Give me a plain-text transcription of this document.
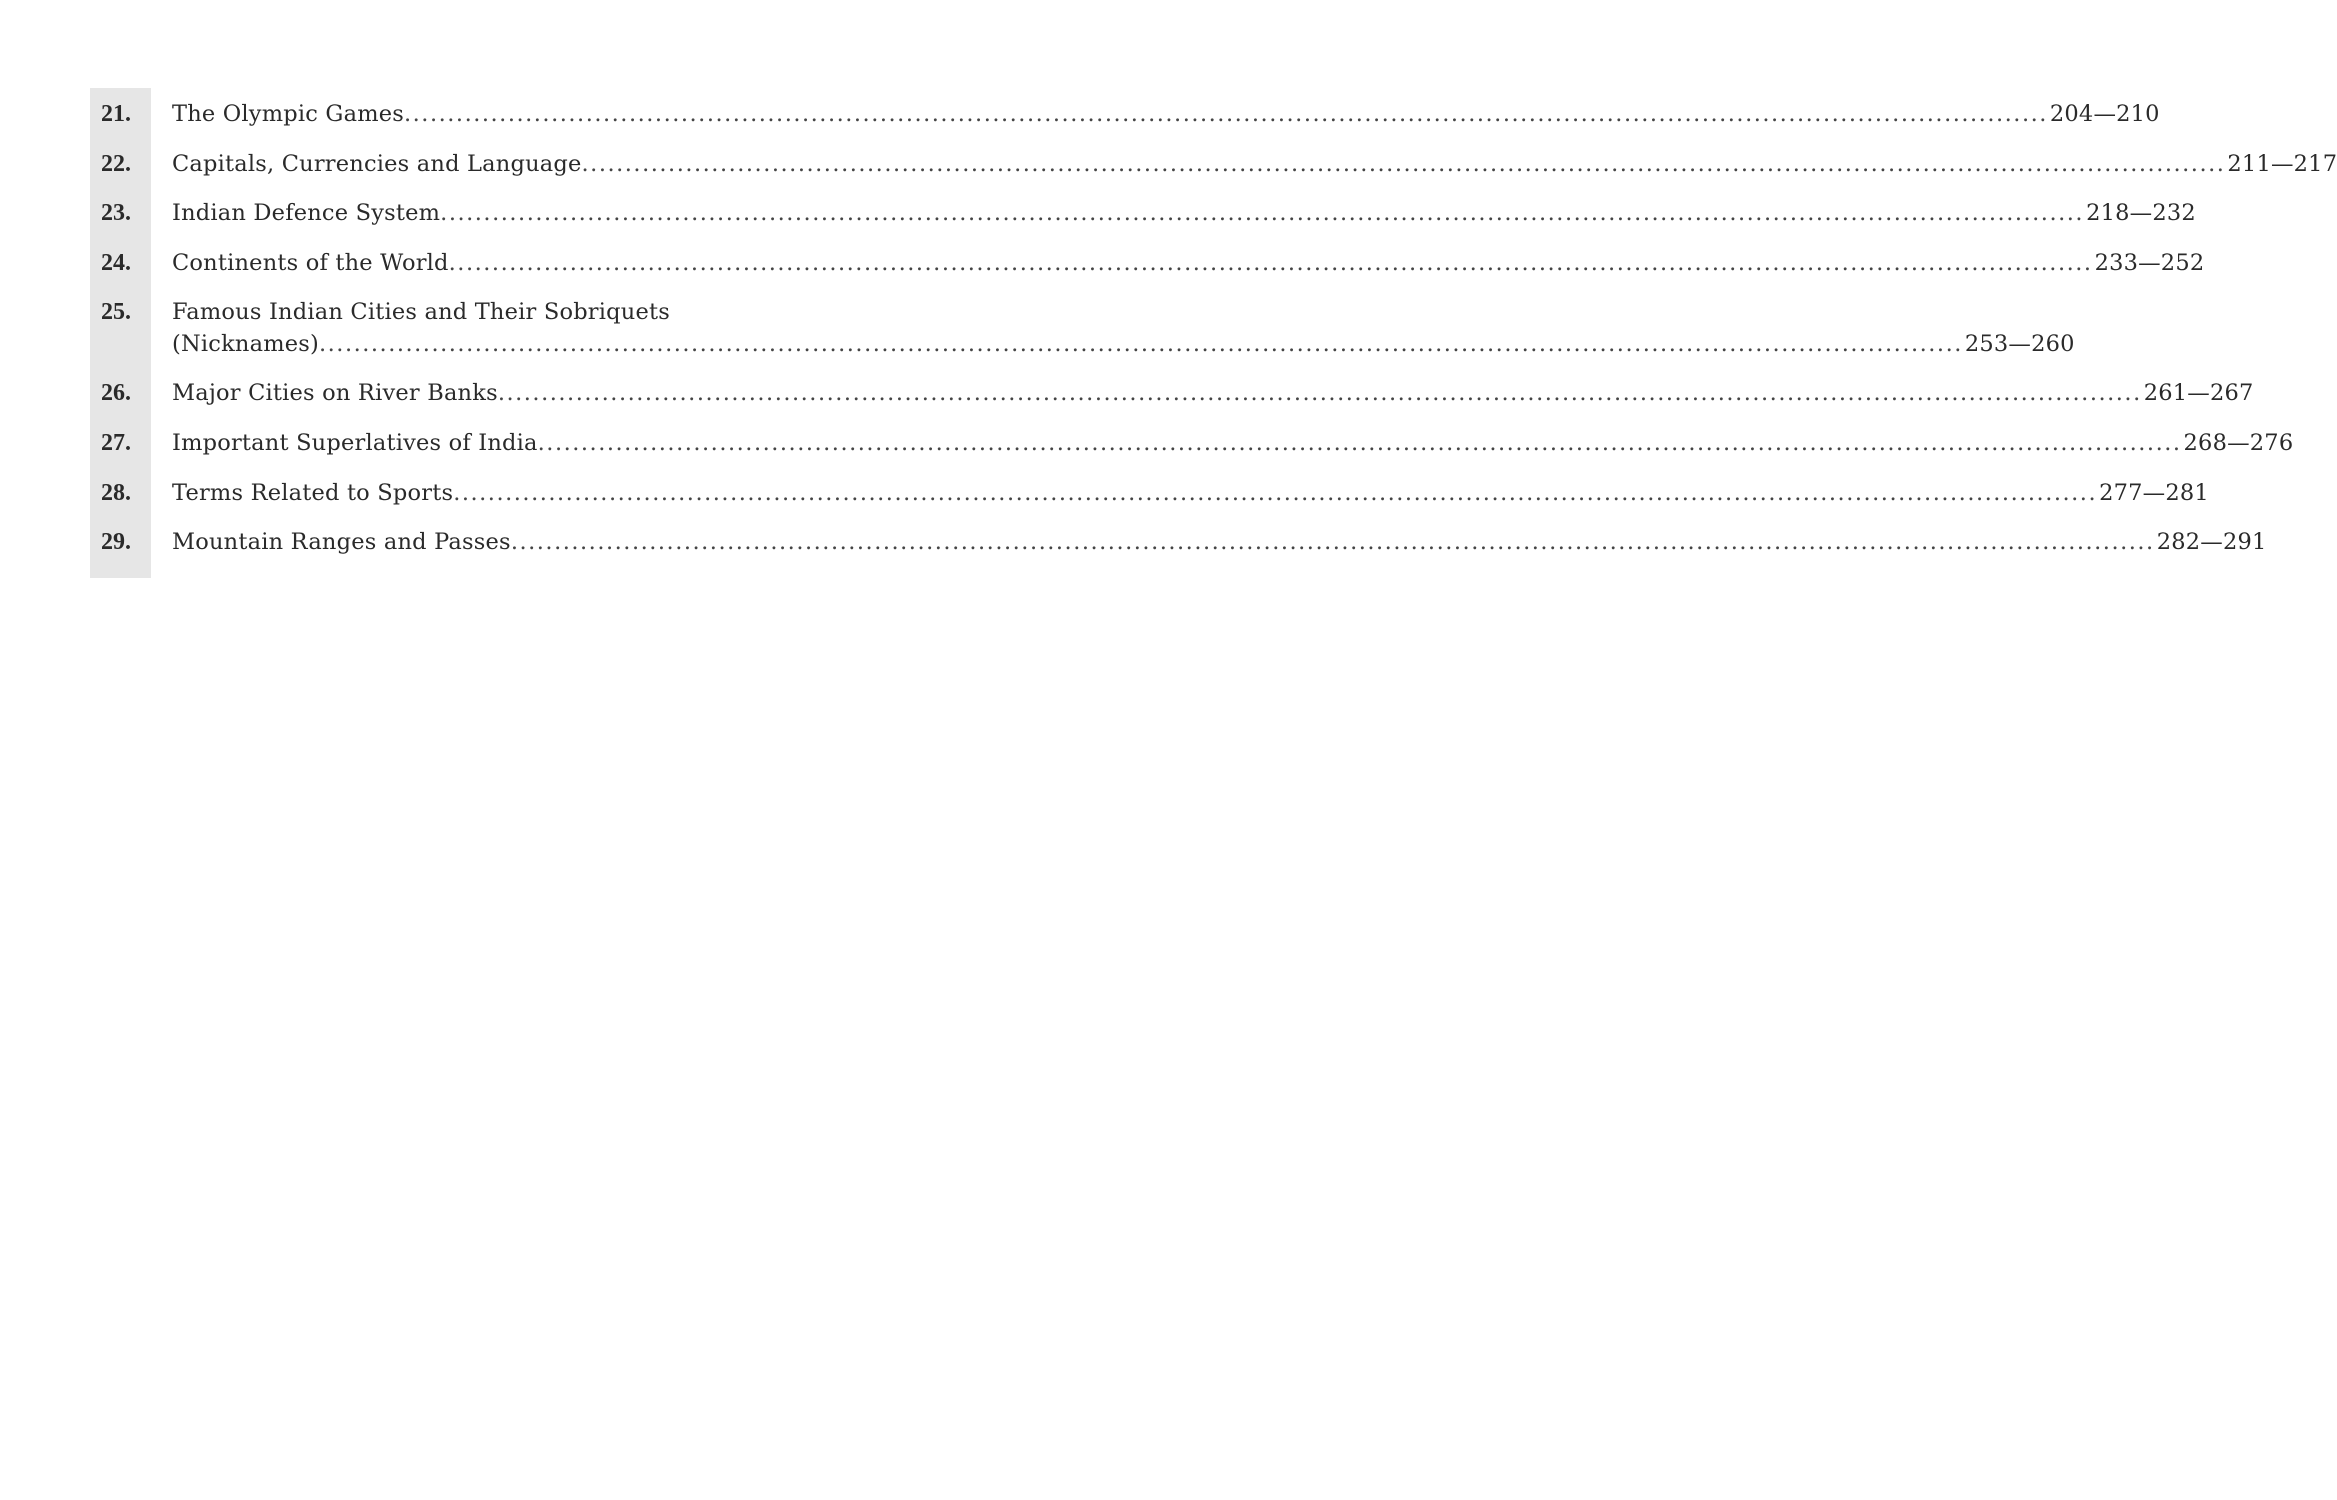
21.	The Olympic Games .....	204—210
22.	Capitals, Currencies and Language .....	211—217
23.	Indian Defence System .....	218—232
24.	Continents of the World .....	233—252
25.	Famous Indian Cities and Their Sobriquets
(Nicknames) .....	253—260
26.	Major Cities on River Banks .....	261—267
27.	Important Superlatives of India .....	268—276
28.	Terms Related to Sports .....	277—281
29.	Mountain Ranges and Passes .....	282—291
